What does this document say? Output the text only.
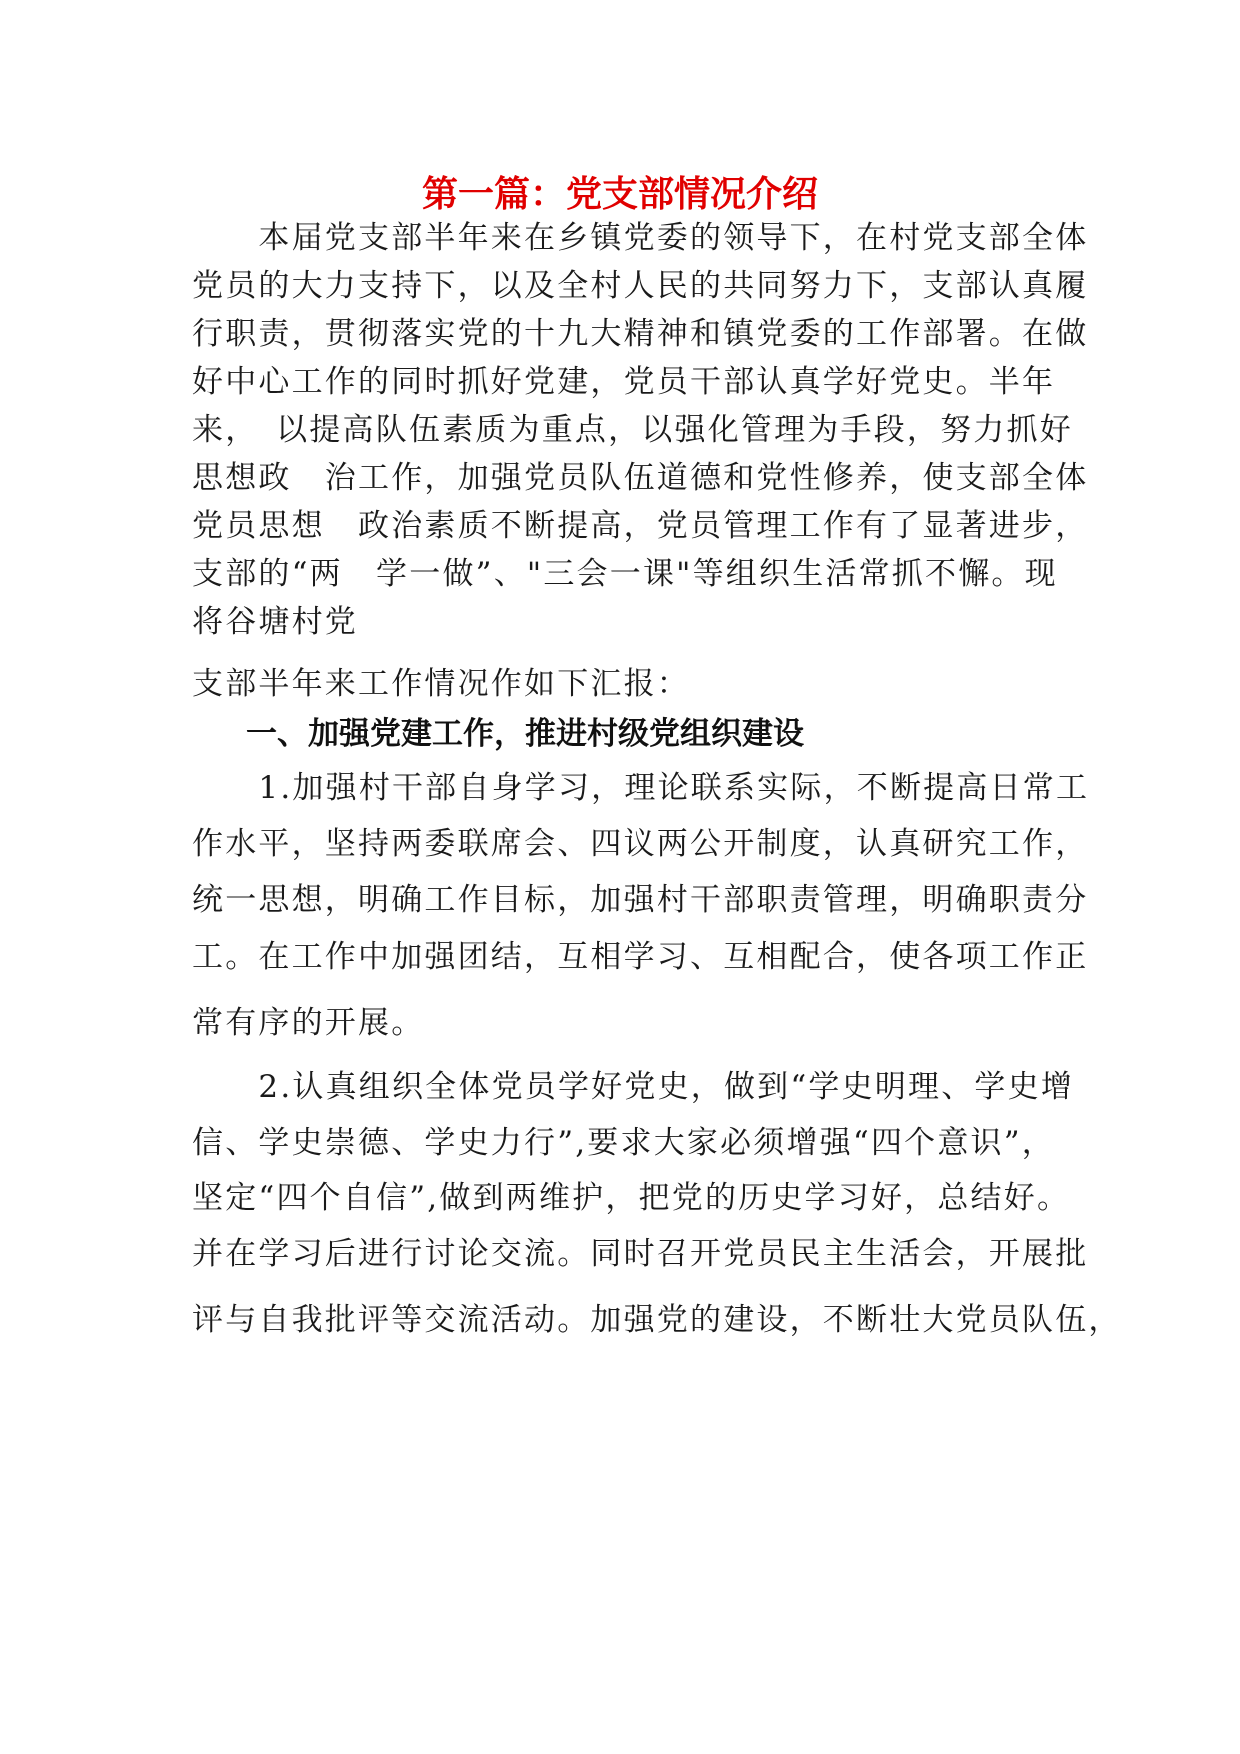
第一篇：党支部情况介绍

　　本届党支部半年来在乡镇党委的领导下，在村党支部全体

党员的大力支持下，以及全村人民的共同努力下，支部认真履

行职责，贯彻落实党的十九大精神和镇党委的工作部署。在做

好中心工作的同时抓好党建，党员干部认真学好党史。半年

来，　以提高队伍素质为重点，以强化管理为手段，努力抓好

思想政　治工作，加强党员队伍道德和党性修养，使支部全体

党员思想　政治素质不断提高，党员管理工作有了显著进步，

支部的“两　学一做”、"三会一课"等组织生活常抓不懈。现

将谷塘村党

支部半年来工作情况作如下汇报：

一、加强党建工作，推进村级党组织建设

　　1.加强村干部自身学习，理论联系实际，不断提高日常工

作水平，坚持两委联席会、四议两公开制度，认真研究工作，

统一思想，明确工作目标，加强村干部职责管理，明确职责分

工。在工作中加强团结，互相学习、互相配合，使各项工作正

常有序的开展。

　　2.认真组织全体党员学好党史，做到“学史明理、学史增

信、学史崇德、学史力行”,要求大家必须增强“四个意识”，

坚定“四个自信”,做到两维护，把党的历史学习好，总结好。

并在学习后进行讨论交流。同时召开党员民主生活会，开展批

评与自我批评等交流活动。加强党的建设，不断壮大党员队伍，
